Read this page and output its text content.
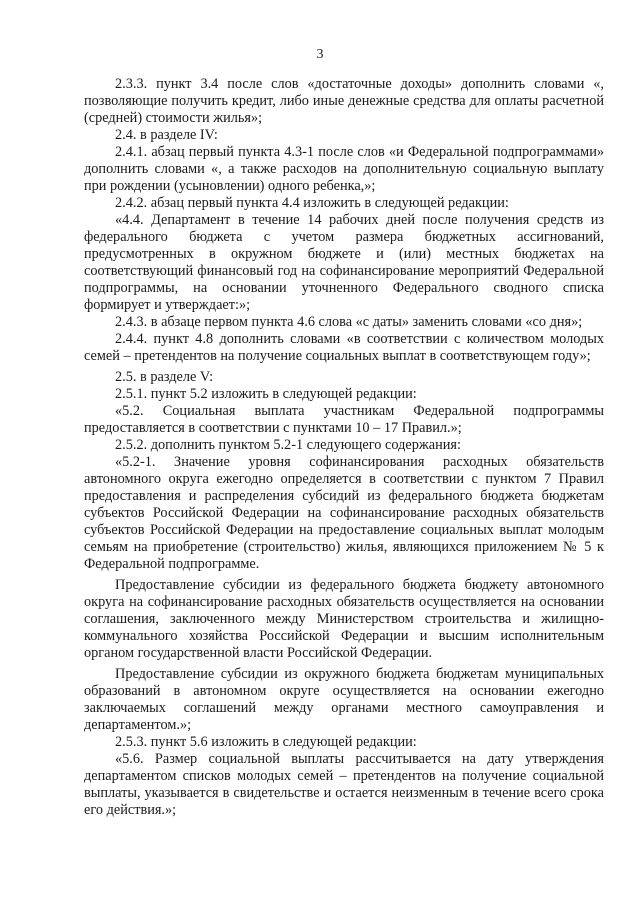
3

2.3.3. пункт 3.4 после слов «достаточные доходы» дополнить словами «, позволяющие получить кредит, либо иные денежные средства для оплаты расчетной (средней) стоимости жилья»;

2.4. в разделе IV:

2.4.1. абзац первый пункта 4.3-1 после слов «и Федеральной подпрограммами» дополнить словами «, а также расходов на дополнительную социальную выплату при рождении (усыновлении) одного ребенка,»;

2.4.2. абзац первый пункта 4.4 изложить в следующей редакции:

«4.4. Департамент в течение 14 рабочих дней после получения средств из федерального бюджета с учетом размера бюджетных ассигнований, предусмотренных в окружном бюджете и (или) местных бюджетах на соответствующий финансовый год на софинансирование мероприятий Федеральной подпрограммы, на основании уточненного Федерального сводного списка формирует и утверждает:»;

2.4.3. в абзаце первом пункта 4.6 слова «с даты» заменить словами «со дня»;

2.4.4. пункт 4.8 дополнить словами «в соответствии с количеством молодых семей – претендентов на получение социальных выплат в соответствующем году»;

2.5. в разделе V:

2.5.1. пункт 5.2 изложить в следующей редакции:

«5.2. Социальная выплата участникам Федеральной подпрограммы предоставляется в соответствии с пунктами 10 – 17 Правил.»;

2.5.2. дополнить пунктом 5.2-1 следующего содержания:

«5.2-1. Значение уровня софинансирования расходных обязательств автономного округа ежегодно определяется в соответствии с пунктом 7 Правил предоставления и распределения субсидий из федерального бюджета бюджетам субъектов Российской Федерации на софинансирование расходных обязательств субъектов Российской Федерации на предоставление социальных выплат молодым семьям на приобретение (строительство) жилья, являющихся приложением № 5 к Федеральной подпрограмме.

Предоставление субсидии из федерального бюджета бюджету автономного округа на софинансирование расходных обязательств осуществляется на основании соглашения, заключенного между Министерством строительства и жилищно-коммунального хозяйства Российской Федерации и высшим исполнительным органом государственной власти Российской Федерации.

Предоставление субсидии из окружного бюджета бюджетам муниципальных образований в автономном округе осуществляется на основании ежегодно заключаемых соглашений между органами местного самоуправления и департаментом.»;

2.5.3. пункт 5.6 изложить в следующей редакции:

«5.6. Размер социальной выплаты рассчитывается на дату утверждения департаментом списков молодых семей – претендентов на получение социальной выплаты, указывается в свидетельстве и остается неизменным в течение всего срока его действия.»;
